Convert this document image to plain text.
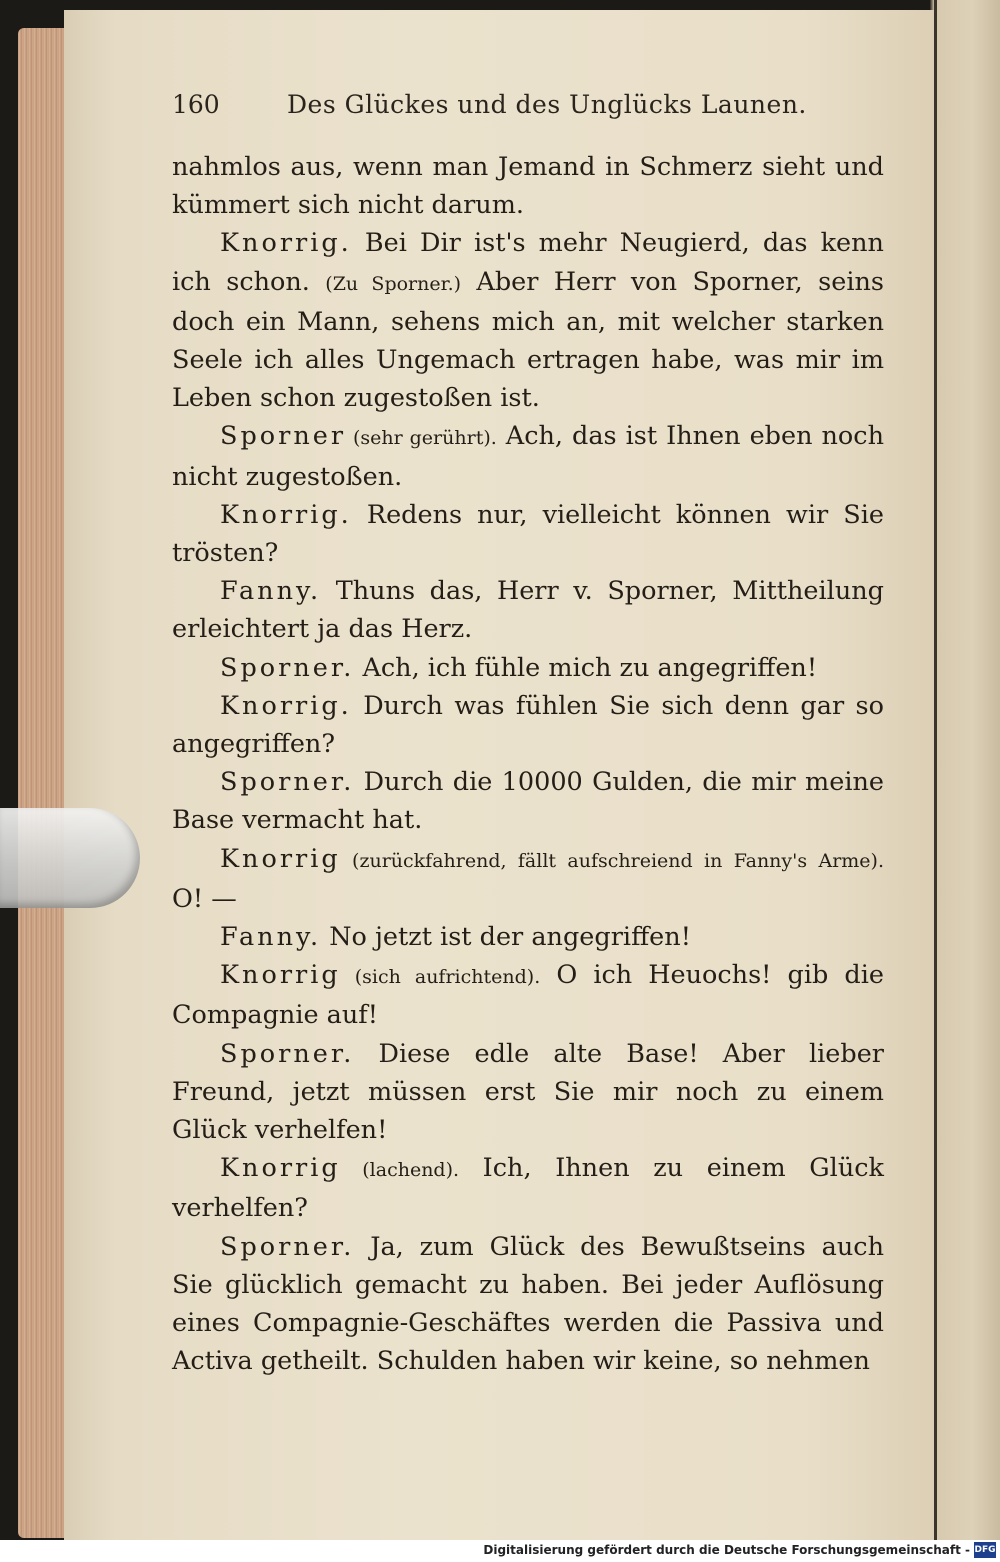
160	Des Glückes und des Unglücks Launen.

nahmlos aus, wenn man Jemand in Schmerz sieht und kümmert sich nicht darum.

Knorrig. Bei Dir ist's mehr Neugierd, das kenn ich schon. (Zu Sporner.) Aber Herr von Sporner, seins doch ein Mann, sehens mich an, mit welcher starken Seele ich alles Ungemach ertragen habe, was mir im Leben schon zugestoßen ist.

Sporner (sehr gerührt). Ach, das ist Ihnen eben noch nicht zugestoßen.

Knorrig. Redens nur, vielleicht können wir Sie trösten?

Fanny. Thuns das, Herr v. Sporner, Mittheilung erleichtert ja das Herz.

Sporner. Ach, ich fühle mich zu angegriffen!

Knorrig. Durch was fühlen Sie sich denn gar so angegriffen?

Sporner. Durch die 10000 Gulden, die mir meine Base vermacht hat.

Knorrig (zurückfahrend, fällt aufschreiend in Fanny's Arme). O! —

Fanny. No jetzt ist der angegriffen!

Knorrig (sich aufrichtend). O ich Heuochs! gib die Compagnie auf!

Sporner. Diese edle alte Base! Aber lieber Freund, jetzt müssen erst Sie mir noch zu einem Glück verhelfen!

Knorrig (lachend). Ich, Ihnen zu einem Glück verhelfen?

Sporner. Ja, zum Glück des Bewußtseins auch Sie glücklich gemacht zu haben. Bei jeder Auflösung eines Compagnie-Geschäftes werden die Passiva und Activa getheilt. Schulden haben wir keine, so nehmen

Digitalisierung gefördert durch die Deutsche Forschungsgemeinschaft - DFG
